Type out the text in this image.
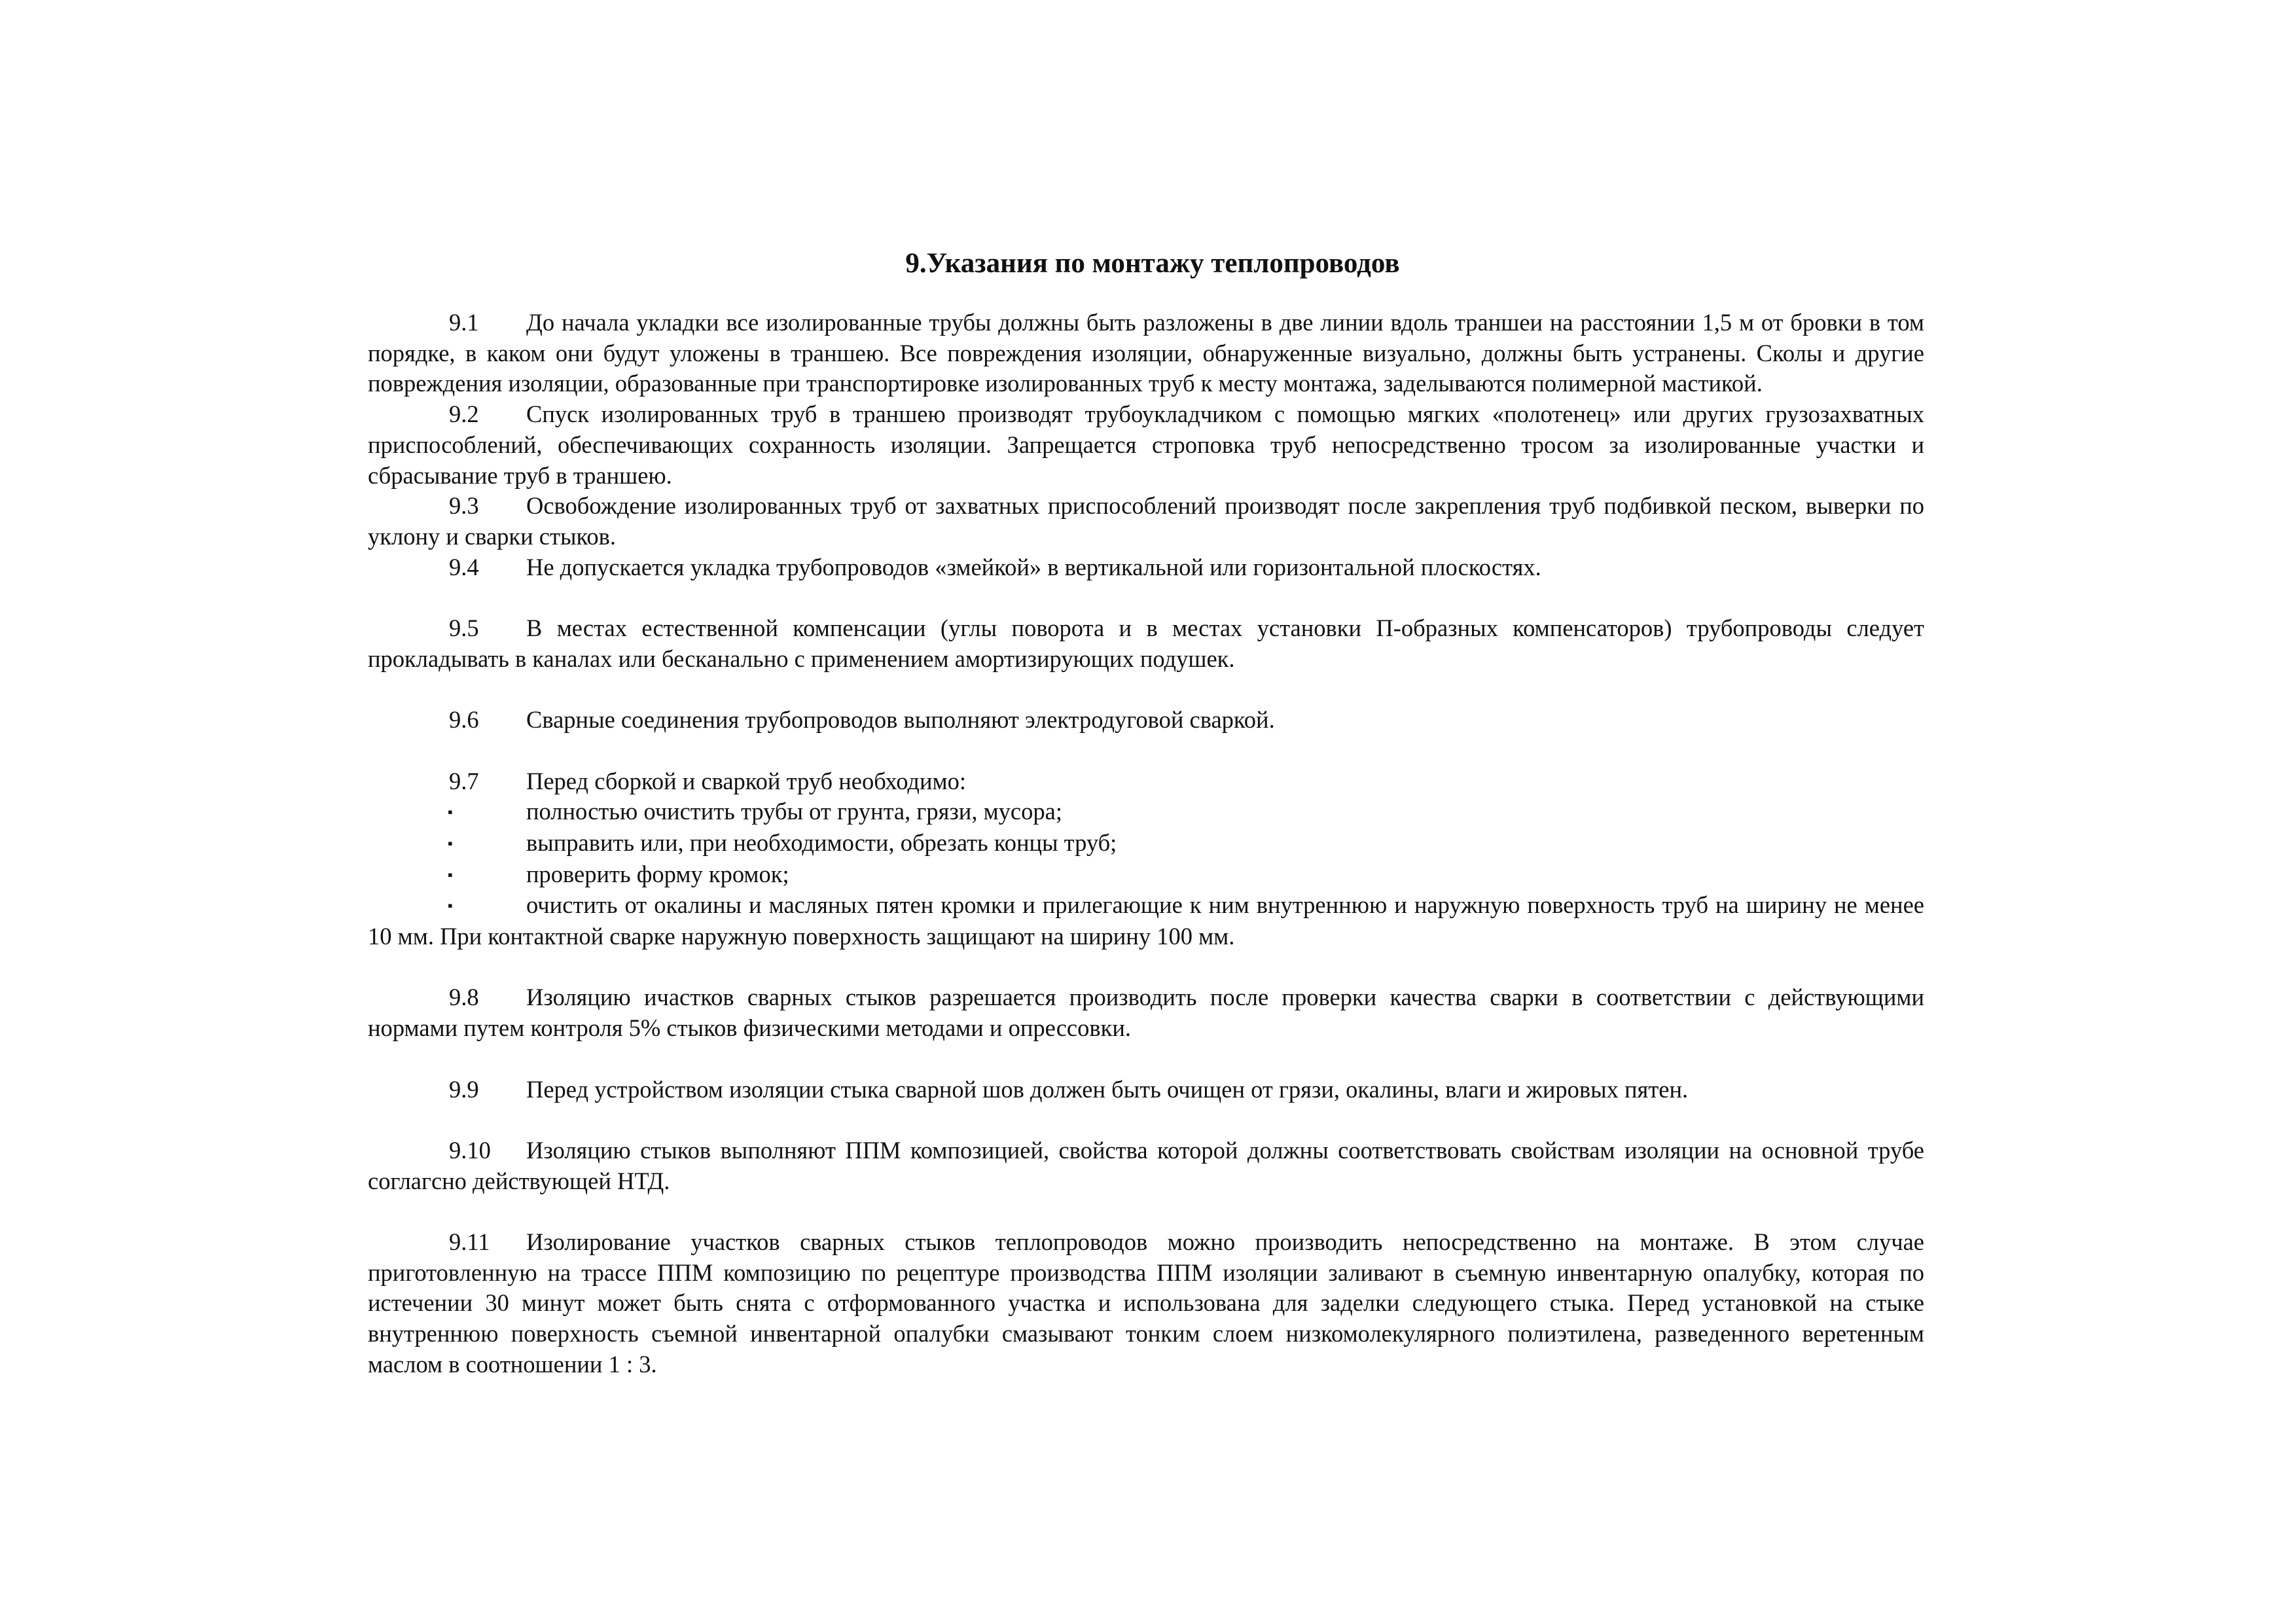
9.Указания по монтажу теплопроводов

9.1 До начала укладки все изолированные трубы должны быть разложены в две линии вдоль траншеи на расстоянии 1,5 м от бровки в том порядке, в каком они будут уложены в траншею. Все повреждения изоляции, обнаруженные визуально, должны быть устранены. Сколы и другие повреждения изоляции, образованные при транспортировке изолированных труб к месту монтажа, заделываются полимерной мастикой.

9.2 Спуск изолированных труб в траншею производят трубоукладчиком с помощью мягких «полотенец» или других грузозахватных приспособлений, обеспечивающих сохранность изоляции. Запрещается строповка труб непосредственно тросом за изолированные участки и сбрасывание труб в траншею.

9.3 Освобождение изолированных труб от захватных приспособлений производят после закрепления труб подбивкой песком, выверки по уклону и сварки стыков.

9.4 Не допускается укладка трубопроводов «змейкой» в вертикальной или горизонтальной плоскостях.

9.5 В местах естественной компенсации (углы поворота и в местах установки П-образных компенсаторов) трубопроводы следует прокладывать в каналах или бесканально с применением амортизирующих подушек.

9.6 Сварные соединения трубопроводов выполняют электродуговой сваркой.

9.7 Перед сборкой и сваркой труб необходимо:

▪	полностью очистить трубы от грунта, грязи, мусора;

▪	выправить или, при необходимости, обрезать концы труб;

▪	проверить форму кромок;

▪	очистить от окалины и масляных пятен кромки и прилегающие к ним внутреннюю и наружную поверхность труб на ширину не менее 10 мм. При контактной сварке наружную поверхность защищают на ширину 100 мм.

9.8 Изоляцию ичастков сварных стыков разрешается производить после проверки качества сварки в соответствии с действующими нормами путем контроля 5% стыков физическими методами и опрессовки.

9.9 Перед устройством изоляции стыка сварной шов должен быть очищен от грязи, окалины, влаги и жировых пятен.

9.10 Изоляцию стыков выполняют ППМ композицией, свойства которой должны соответствовать свойствам изоляции на основной трубе соглагсно действующей НТД.

9.11 Изолирование участков сварных стыков теплопроводов можно производить непосредственно на монтаже. В этом случае приготовленную на трассе ППМ композицию по рецептуре производства ППМ изоляции заливают в съемную инвентарную опалубку, которая по истечении 30 минут может быть снята с отформованного участка и использована для заделки следующего стыка. Перед установкой на стыке внутреннюю поверхность съемной инвентарной опалубки смазывают тонким слоем низкомолекулярного полиэтилена, разведенного веретенным маслом в соотношении 1 : 3.
